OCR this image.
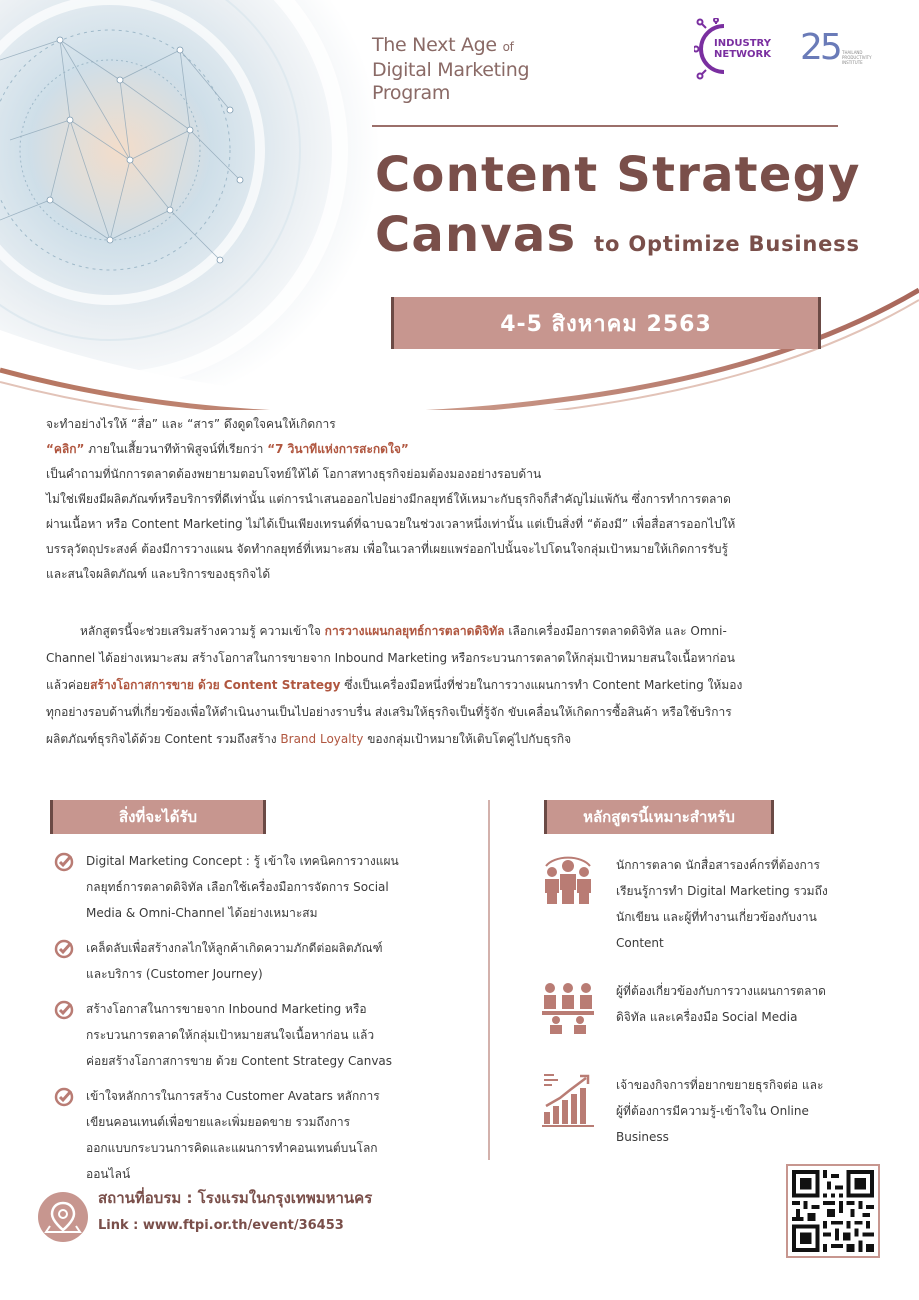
The Next Age of
Digital Marketing
Program
INDUSTRY
NETWORK 25 THAILAND PRODUCTIVITY INSTITUTE
Content Strategy
Canvas to Optimize Business
4-5 สิงหาคม 2563

จะทำอย่างไรให้ “สื่อ” และ “สาร” ดึงดูดใจคนให้เกิดการ

“คลิก” ภายในเสี้ยวนาทีท้าพิสูจน์ที่เรียกว่า “7 วินาทีแห่งการสะกดใจ”

เป็นคำถามที่นักการตลาดต้องพยายามตอบโจทย์ให้ได้ โอกาสทางธุรกิจย่อมต้องมองอย่างรอบด้าน

ไม่ใช่เพียงมีผลิตภัณฑ์หรือบริการที่ดีเท่านั้น แต่การนำเสนอออกไปอย่างมีกลยุทธ์ให้เหมาะกับธุรกิจก็สำคัญไม่แพ้กัน ซึ่งการทำการตลาด

ผ่านเนื้อหา หรือ Content Marketing ไม่ได้เป็นเพียงเทรนด์ที่ฉาบฉวยในช่วงเวลาหนึ่งเท่านั้น แต่เป็นสิ่งที่ “ต้องมี” เพื่อสื่อสารออกไปให้

บรรลุวัตถุประสงค์ ต้องมีการวางแผน จัดทำกลยุทธ์ที่เหมาะสม เพื่อในเวลาที่เผยแพร่ออกไปนั้นจะไปโดนใจกลุ่มเป้าหมายให้เกิดการรับรู้

และสนใจผลิตภัณฑ์ และบริการของธุรกิจได้

หลักสูตรนี้จะช่วยเสริมสร้างความรู้ ความเข้าใจ การวางแผนกลยุทธ์การตลาดดิจิทัล เลือกเครื่องมือการตลาดดิจิทัล และ Omni-

Channel ได้อย่างเหมาะสม สร้างโอกาสในการขายจาก Inbound Marketing หรือกระบวนการตลาดให้กลุ่มเป้าหมายสนใจเนื้อหาก่อน

แล้วค่อยสร้างโอกาสการขาย ด้วย Content Strategy ซึ่งเป็นเครื่องมือหนึ่งที่ช่วยในการวางแผนการทำ Content Marketing ให้มอง

ทุกอย่างรอบด้านที่เกี่ยวข้องเพื่อให้ดำเนินงานเป็นไปอย่างราบรื่น ส่งเสริมให้ธุรกิจเป็นที่รู้จัก ขับเคลื่อนให้เกิดการซื้อสินค้า หรือใช้บริการ

ผลิตภัณฑ์ธุรกิจได้ด้วย Content รวมถึงสร้าง Brand Loyalty ของกลุ่มเป้าหมายให้เติบโตคู่ไปกับธุรกิจ

สิ่งที่จะได้รับ	หลักสูตรนี้เหมาะสำหรับ
Digital Marketing Concept : รู้ เข้าใจ เทคนิคการวางแผน
กลยุทธ์การตลาดดิจิทัล เลือกใช้เครื่องมือการจัดการ Social
Media & Omni-Channel ได้อย่างเหมาะสม
เคล็ดลับเพื่อสร้างกลไกให้ลูกค้าเกิดความภักดีต่อผลิตภัณฑ์
และบริการ (Customer Journey)
สร้างโอกาสในการขายจาก Inbound Marketing หรือ
กระบวนการตลาดให้กลุ่มเป้าหมายสนใจเนื้อหาก่อน แล้ว
ค่อยสร้างโอกาสการขาย ด้วย Content Strategy Canvas
เข้าใจหลักการในการสร้าง Customer Avatars หลักการ
เขียนคอนเทนต์เพื่อขายและเพิ่มยอดขาย รวมถึงการ
ออกแบบกระบวนการคิดและแผนการทำคอนเทนต์บนโลก
ออนไลน์
นักการตลาด นักสื่อสารองค์กรที่ต้องการ
เรียนรู้การทำ Digital Marketing รวมถึง
นักเขียน และผู้ที่ทำงานเกี่ยวข้องกับงาน
Content
ผู้ที่ต้องเกี่ยวข้องกับการวางแผนการตลาด
ดิจิทัล และเครื่องมือ Social Media
เจ้าของกิจการที่อยากขยายธุรกิจต่อ และ
ผู้ที่ต้องการมีความรู้-เข้าใจใน Online
Business
สถานที่อบรม : โรงแรมในกรุงเทพมหานคร
Link : www.ftpi.or.th/event/36453
